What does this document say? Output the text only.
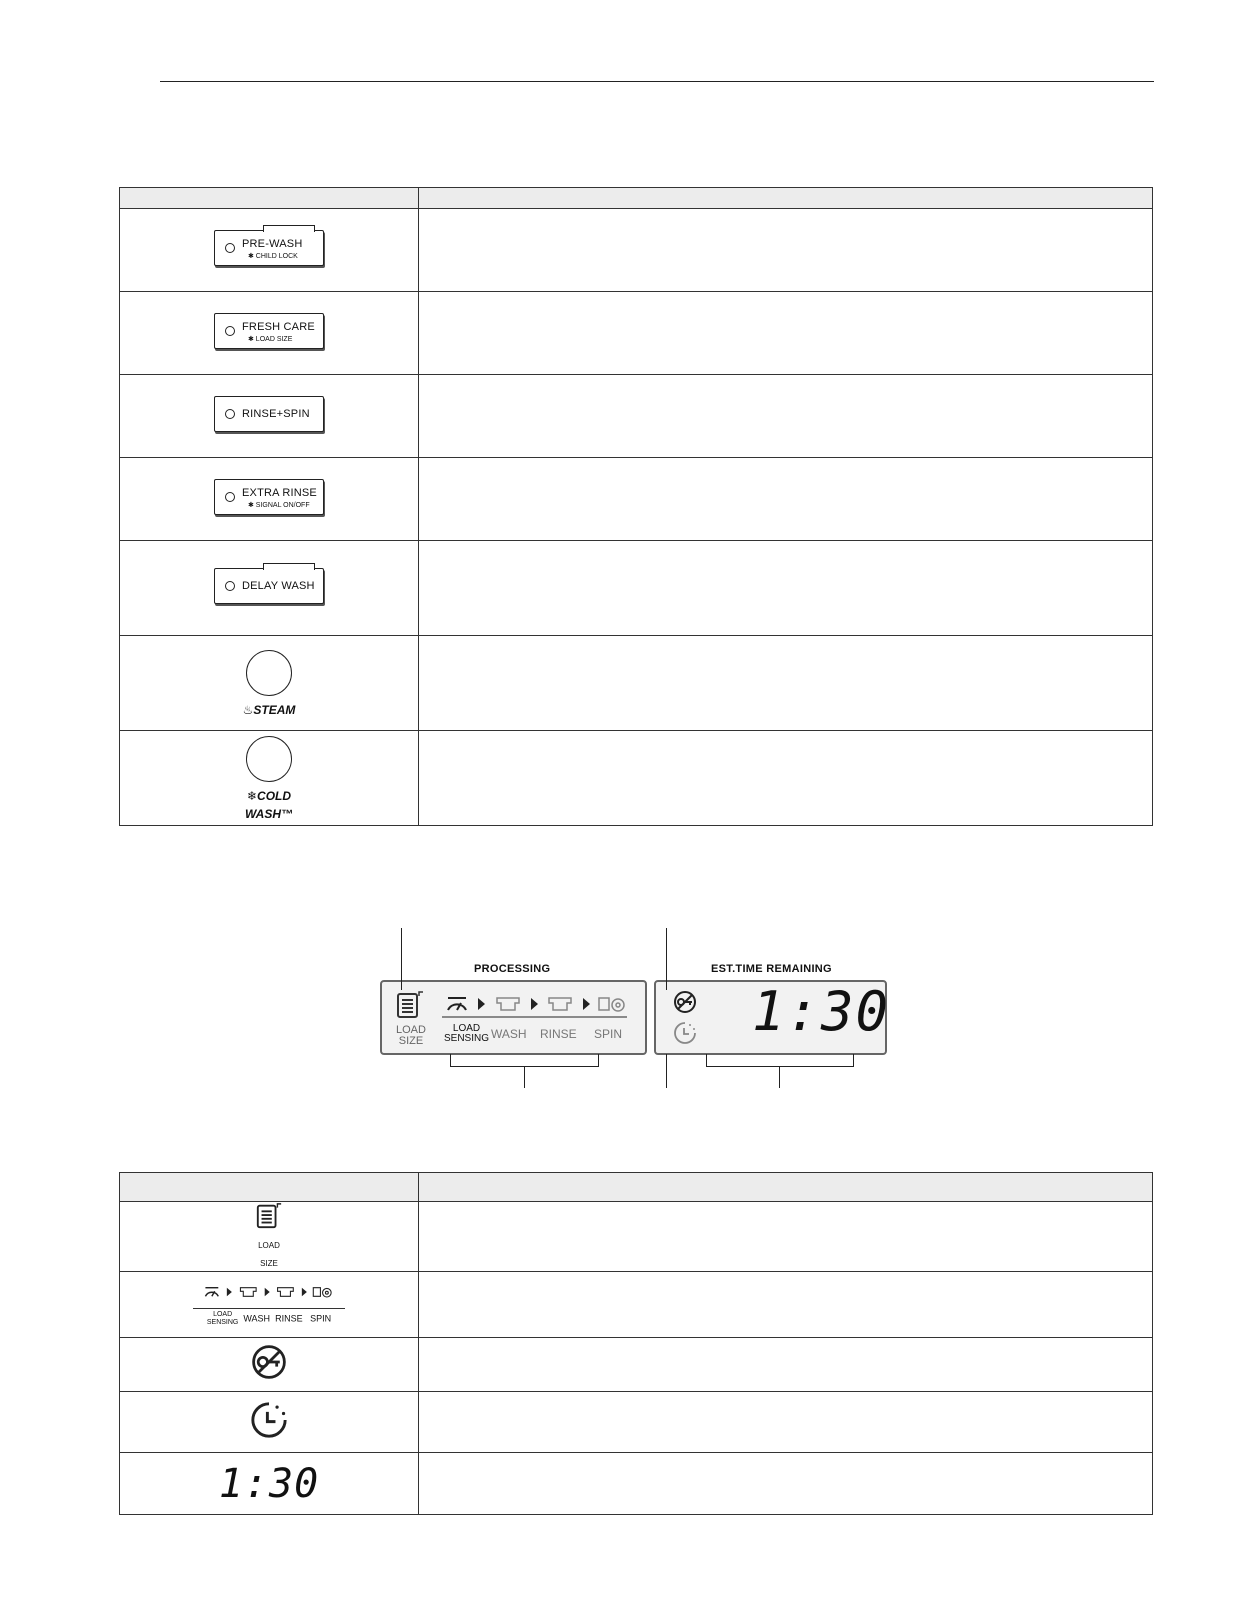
PRE-WASH
✱ CHILD LOCK	

FRESH CARE
✱ LOAD SIZE	

RINSE+SPIN	

EXTRA RINSE
✱ SIGNAL ON/OFF	

DELAY WASH	

♨STEAM	

❄COLD
WASH™	
PROCESSING	EST.TIME REMAINING
LOAD
SIZE
LOAD
SENSING WASH RINSE SPIN 1:30

LOAD
SIZE	

LOAD
SENSING WASH RINSE SPIN	

1:30	
